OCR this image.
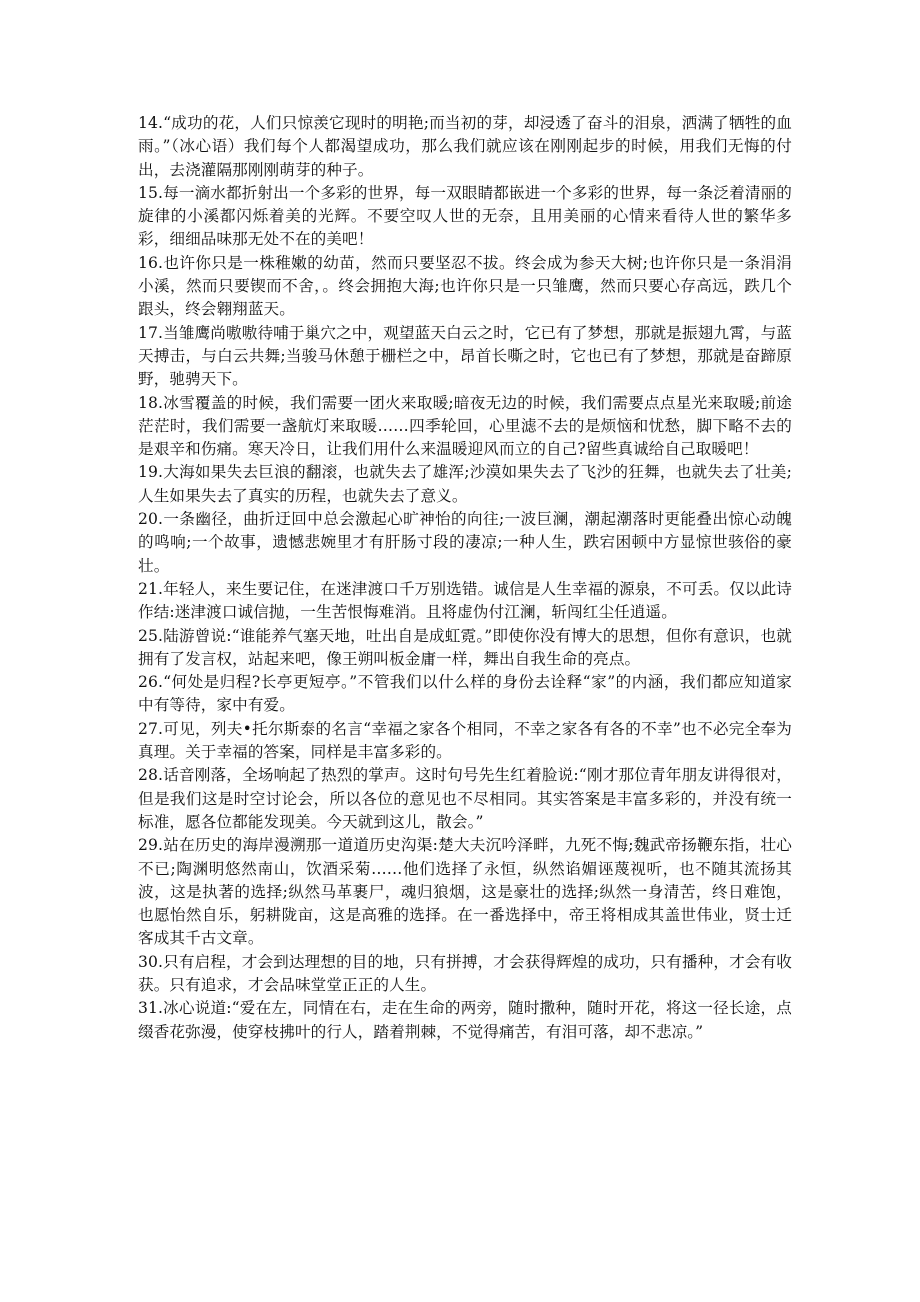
14.“成功的花，人们只惊羡它现时的明艳;而当初的芽，却浸透了奋斗的泪泉，洒满了牺牲的血雨。”（冰心语）我们每个人都渴望成功，那么我们就应该在刚刚起步的时候，用我们无悔的付出，去浇灌隔那刚刚萌芽的种子。

15.每一滴水都折射出一个多彩的世界，每一双眼睛都嵌进一个多彩的世界，每一条泛着清丽的旋律的小溪都闪烁着美的光辉。不要空叹人世的无奈，且用美丽的心情来看待人世的繁华多彩，细细品味那无处不在的美吧！

16.也许你只是一株稚嫩的幼苗，然而只要坚忍不拔。终会成为参天大树;也许你只是一条涓涓小溪，然而只要锲而不舍，。终会拥抱大海;也许你只是一只雏鹰，然而只要心存高远，跌几个跟头，终会翱翔蓝天。

17.当雏鹰尚嗷嗷待哺于巢穴之中，观望蓝天白云之时，它已有了梦想，那就是振翅九霄，与蓝天搏击，与白云共舞;当骏马休憩于栅栏之中，昂首长嘶之时，它也已有了梦想，那就是奋蹄原野，驰骋天下。

18.冰雪覆盖的时候，我们需要一团火来取暖;暗夜无边的时候，我们需要点点星光来取暖;前途茫茫时，我们需要一盏航灯来取暖……四季轮回，心里滤不去的是烦恼和忧愁，脚下略不去的是艰辛和伤痛。寒天冷日，让我们用什么来温暖迎风而立的自己?留些真诚给自己取暖吧！

19.大海如果失去巨浪的翻滚，也就失去了雄浑;沙漠如果失去了飞沙的狂舞，也就失去了壮美;人生如果失去了真实的历程，也就失去了意义。

20.一条幽径，曲折迂回中总会激起心旷神怡的向往;一波巨澜，潮起潮落时更能叠出惊心动魄的鸣响;一个故事，遗憾悲婉里才有肝肠寸段的凄凉;一种人生，跌宕困顿中方显惊世骇俗的豪壮。

21.年轻人，来生要记住，在迷津渡口千万别选错。诚信是人生幸福的源泉，不可丢。仅以此诗作结:迷津渡口诚信抛，一生苦恨悔难消。且将虚伪付江澜，斩闯红尘任逍遥。

25.陆游曾说:“谁能养气塞天地，吐出自是成虹霓。”即使你没有博大的思想，但你有意识，也就拥有了发言权，站起来吧，像王朔叫板金庸一样，舞出自我生命的亮点。

26.“何处是归程?长亭更短亭。”不管我们以什么样的身份去诠释“家”的内涵，我们都应知道家中有等待，家中有爱。

27.可见，列夫•托尔斯泰的名言“幸福之家各个相同，不幸之家各有各的不幸”也不必完全奉为真理。关于幸福的答案，同样是丰富多彩的。

28.话音刚落，全场响起了热烈的掌声。这时句号先生红着脸说:“刚才那位青年朋友讲得很对，但是我们这是时空讨论会，所以各位的意见也不尽相同。其实答案是丰富多彩的，并没有统一标准，愿各位都能发现美。今天就到这儿，散会。”

29.站在历史的海岸漫溯那一道道历史沟渠:楚大夫沉吟泽畔，九死不悔;魏武帝扬鞭东指，壮心不已;陶渊明悠然南山，饮酒采菊……他们选择了永恒，纵然谄媚诬蔑视听，也不随其流扬其波，这是执著的选择;纵然马革裹尸，魂归狼烟，这是豪壮的选择;纵然一身清苦，终日难饱，也愿怡然自乐，躬耕陇亩，这是高雅的选择。在一番选择中，帝王将相成其盖世伟业，贤士迁客成其千古文章。

30.只有启程，才会到达理想的目的地，只有拼搏，才会获得辉煌的成功，只有播种，才会有收获。只有追求，才会品味堂堂正正的人生。

31.冰心说道:“爱在左，同情在右，走在生命的两旁，随时撒种，随时开花，将这一径长途，点缀香花弥漫，使穿枝拂叶的行人，踏着荆棘，不觉得痛苦，有泪可落，却不悲凉。”
